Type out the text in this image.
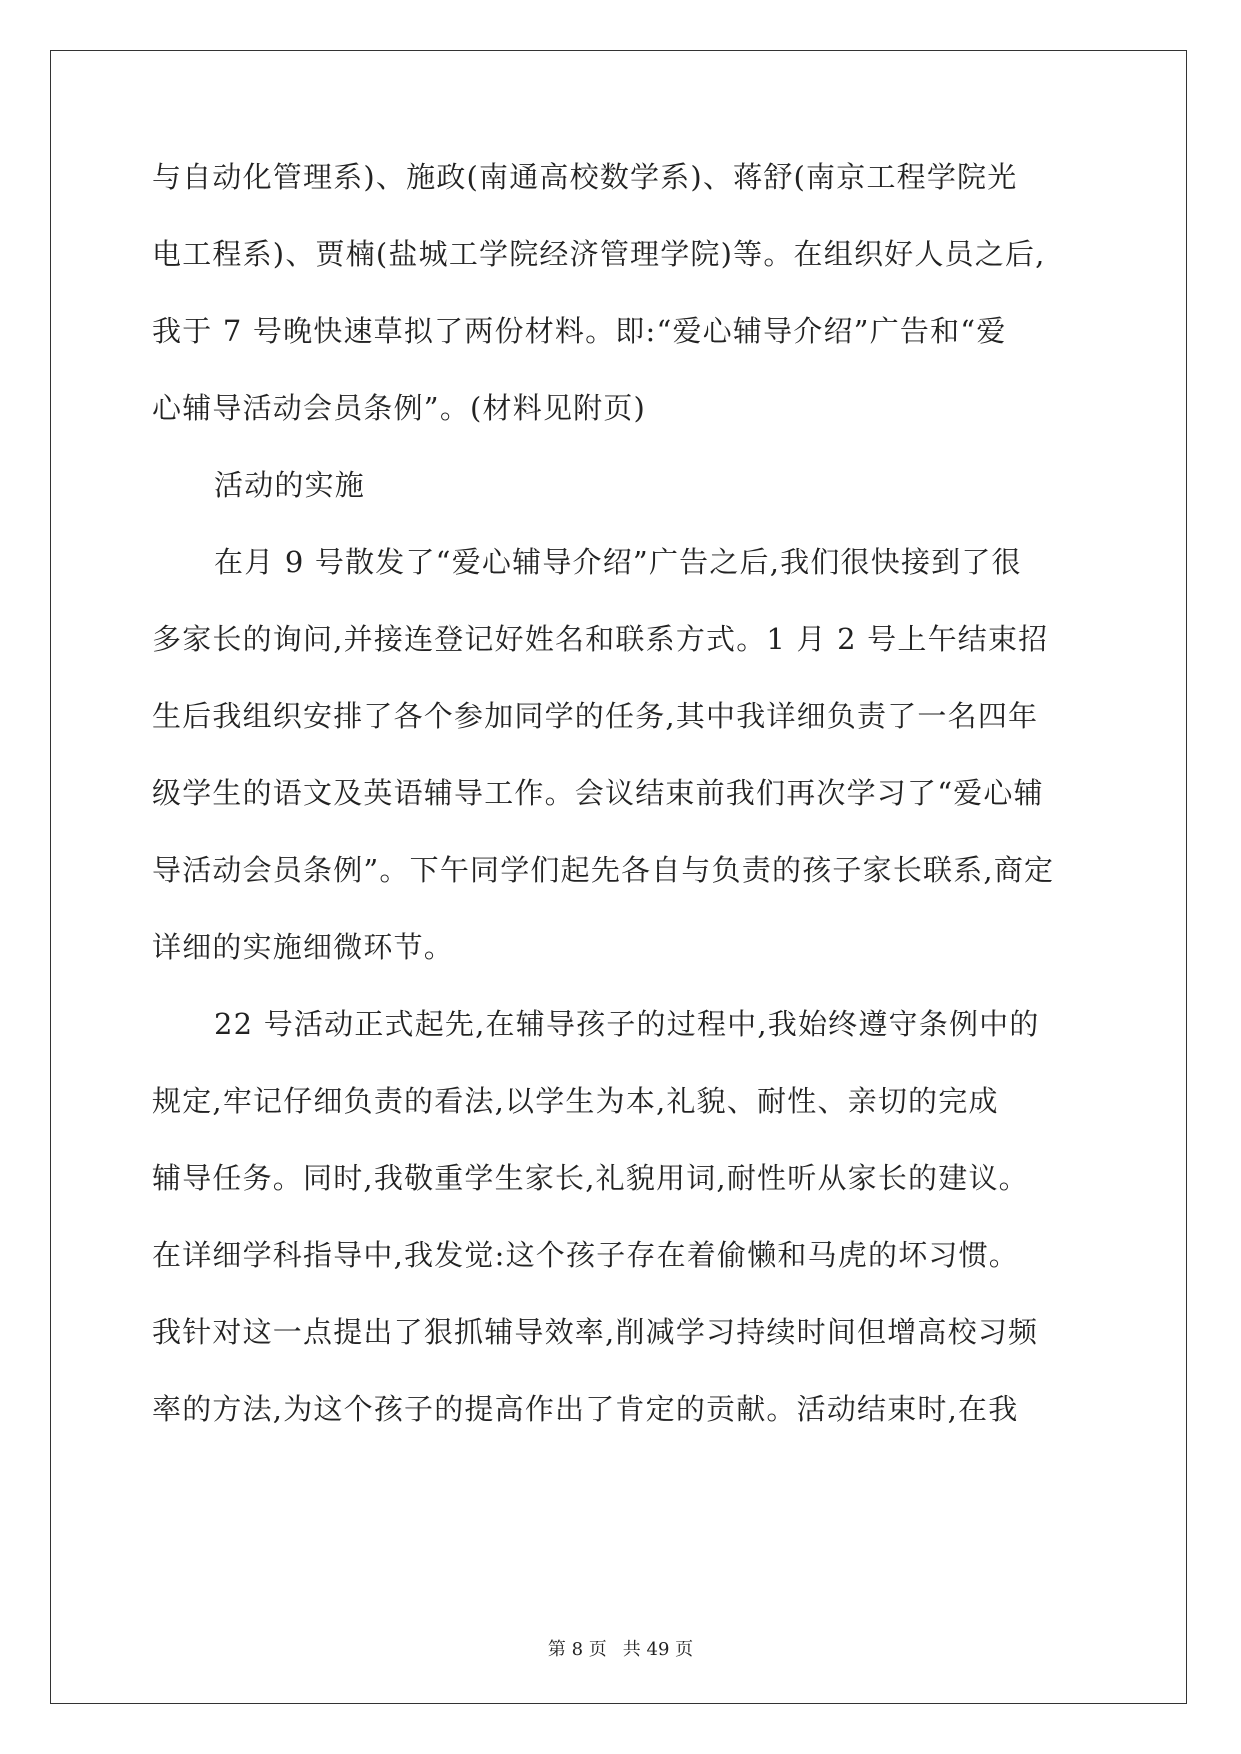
与自动化管理系)、施政(南通高校数学系)、蒋舒(南京工程学院光
电工程系)、贾楠(盐城工学院经济管理学院)等。在组织好人员之后,
我于 7 号晚快速草拟了两份材料。即:“爱心辅导介绍”广告和“爱
心辅导活动会员条例”。(材料见附页)
活动的实施
在月 9 号散发了“爱心辅导介绍”广告之后,我们很快接到了很
多家长的询问,并接连登记好姓名和联系方式。1 月 2 号上午结束招
生后我组织安排了各个参加同学的任务,其中我详细负责了一名四年
级学生的语文及英语辅导工作。会议结束前我们再次学习了“爱心辅
导活动会员条例”。下午同学们起先各自与负责的孩子家长联系,商定
详细的实施细微环节。
22 号活动正式起先,在辅导孩子的过程中,我始终遵守条例中的
规定,牢记仔细负责的看法,以学生为本,礼貌、耐性、亲切的完成
辅导任务。同时,我敬重学生家长,礼貌用词,耐性听从家长的建议。
在详细学科指导中,我发觉:这个孩子存在着偷懒和马虎的坏习惯。
我针对这一点提出了狠抓辅导效率,削减学习持续时间但增高校习频
率的方法,为这个孩子的提高作出了肯定的贡献。活动结束时,在我
第 8 页 共 49 页
